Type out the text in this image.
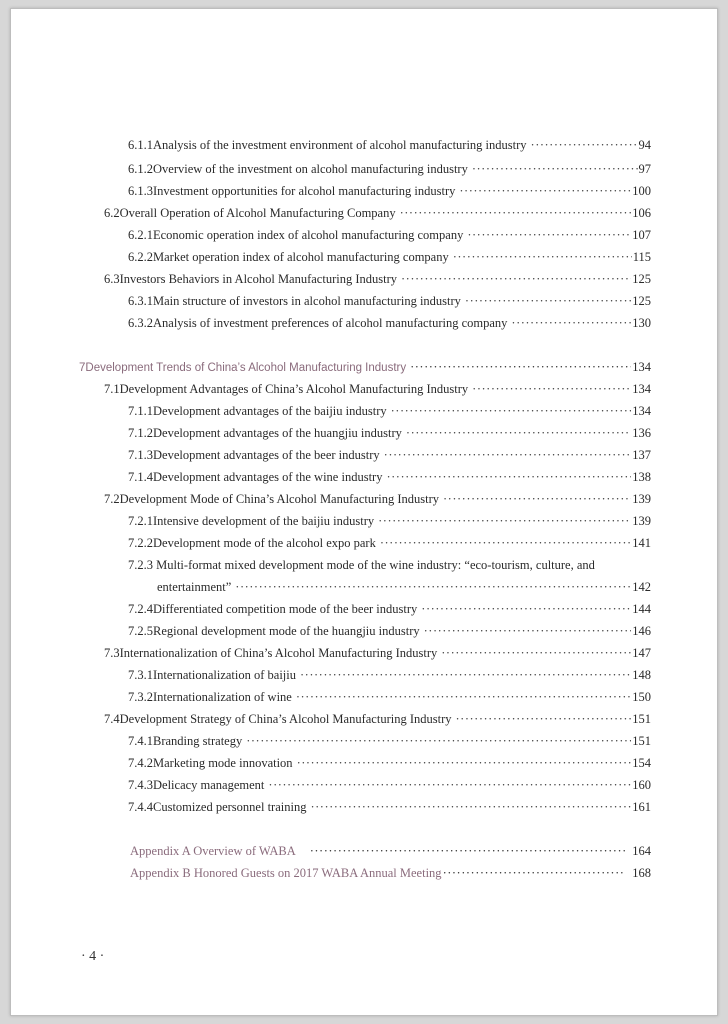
6.1.1 Analysis of the investment environment of alcohol manufacturing industry ·····	94
6.1.2 Overview of the investment on alcohol manufacturing industry ·····	97
6.1.3 Investment opportunities for alcohol manufacturing industry ·····	100
6.2 Overall Operation of Alcohol Manufacturing Company ·····	106
6.2.1 Economic operation index of alcohol manufacturing company ·····	107
6.2.2 Market operation index of alcohol manufacturing company ·····	115
6.3 Investors Behaviors in Alcohol Manufacturing Industry ·····	125
6.3.1 Main structure of investors in alcohol manufacturing industry ·····	125
6.3.2 Analysis of investment preferences of alcohol manufacturing company ·····	130
7 Development Trends of China’s Alcohol Manufacturing Industry ·····	134
7.1 Development Advantages of China’s Alcohol Manufacturing Industry ·····	134
7.1.1 Development advantages of the baijiu industry ·····	134
7.1.2 Development advantages of the huangjiu industry ·····	136
7.1.3 Development advantages of the beer industry ·····	137
7.1.4 Development advantages of the wine industry ·····	138
7.2 Development Mode of China’s Alcohol Manufacturing Industry ·····	139
7.2.1 Intensive development of the baijiu industry ·····	139
7.2.2 Development mode of the alcohol expo park ·····	141
7.2.3 Multi-format mixed development mode of the wine industry: “eco-tourism, culture, and
entertainment” ·····	142
7.2.4 Differentiated competition mode of the beer industry ·····	144
7.2.5 Regional development mode of the huangjiu industry ·····	146
7.3 Internationalization of China’s Alcohol Manufacturing Industry ·····	147
7.3.1 Internationalization of baijiu ·····	148
7.3.2 Internationalization of wine ·····	150
7.4 Development Strategy of China’s Alcohol Manufacturing Industry ·····	151
7.4.1 Branding strategy ·····	151
7.4.2 Marketing mode innovation ·····	154
7.4.3 Delicacy management ·····	160
7.4.4 Customized personnel training ·····	161
Appendix A Overview of WABA ·····	164
Appendix B Honored Guests on 2017 WABA Annual Meeting ·····	168
· 4 ·
